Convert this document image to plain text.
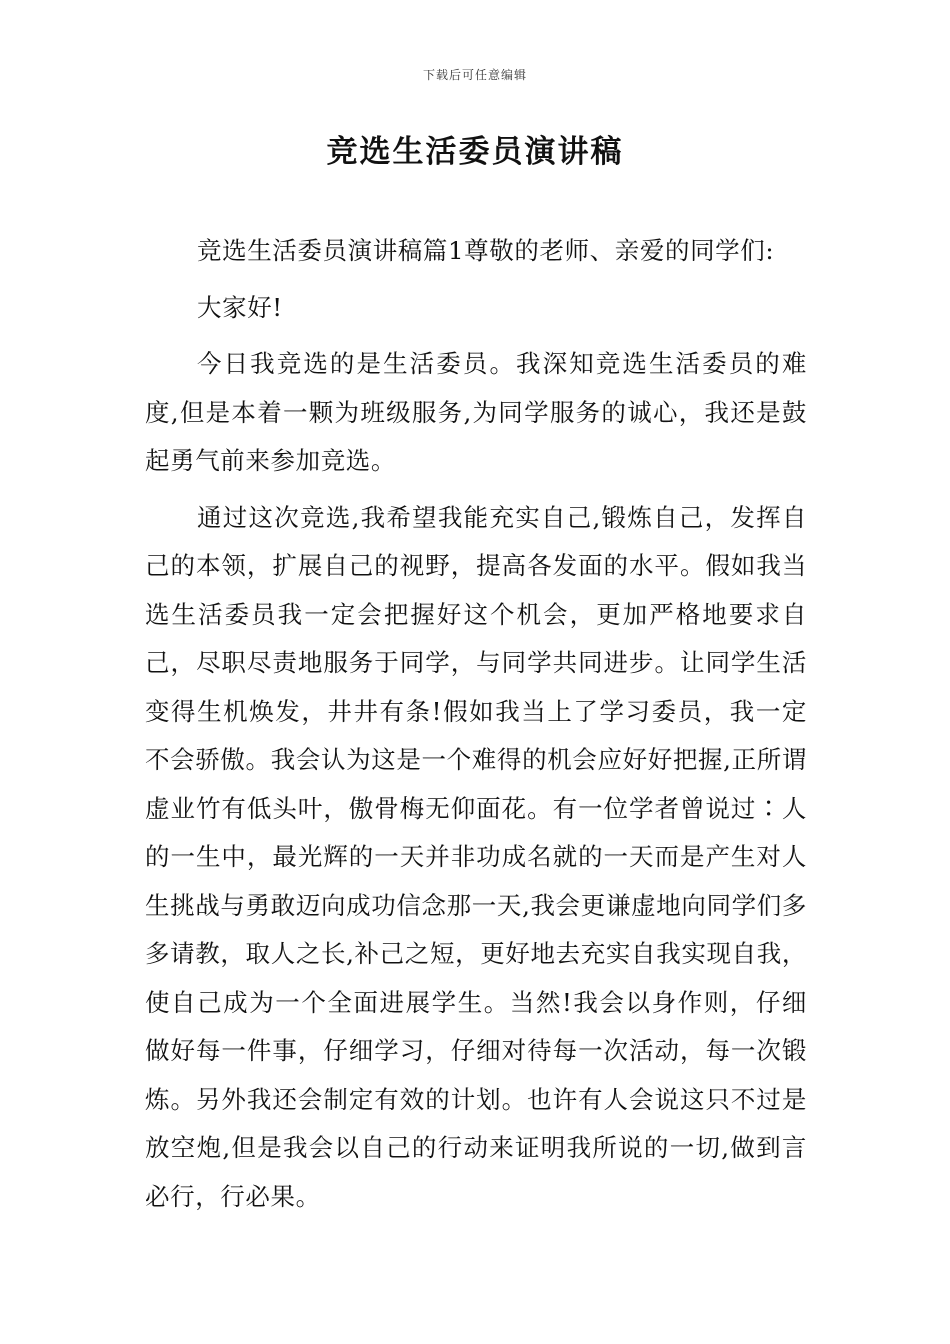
下载后可任意编辑
竞选生活委员演讲稿

竞选生活委员演讲稿篇1尊敬的老师、亲爱的同学们:

大家好!

今日我竞选的是生活委员。我深知竞选生活委员的难度,但是本着一颗为班级服务,为同学服务的诚心，我还是鼓起勇气前来参加竞选。

通过这次竞选,我希望我能充实自己,锻炼自己，发挥自己的本领，扩展自己的视野，提高各发面的水平。假如我当选生活委员我一定会把握好这个机会，更加严格地要求自己，尽职尽责地服务于同学，与同学共同进步。让同学生活变得生机焕发，井井有条!假如我当上了学习委员，我一定不会骄傲。我会认为这是一个难得的机会应好好把握,正所谓虚业竹有低头叶，傲骨梅无仰面花。有一位学者曾说过∶人的一生中，最光辉的一天并非功成名就的一天而是产生对人生挑战与勇敢迈向成功信念那一天,我会更谦虚地向同学们多多请教，取人之长,补己之短，更好地去充实自我实现自我，使自己成为一个全面进展学生。当然!我会以身作则，仔细做好每一件事，仔细学习，仔细对待每一次活动，每一次锻炼。另外我还会制定有效的计划。也许有人会说这只不过是放空炮,但是我会以自己的行动来证明我所说的一切,做到言必行，行必果。
